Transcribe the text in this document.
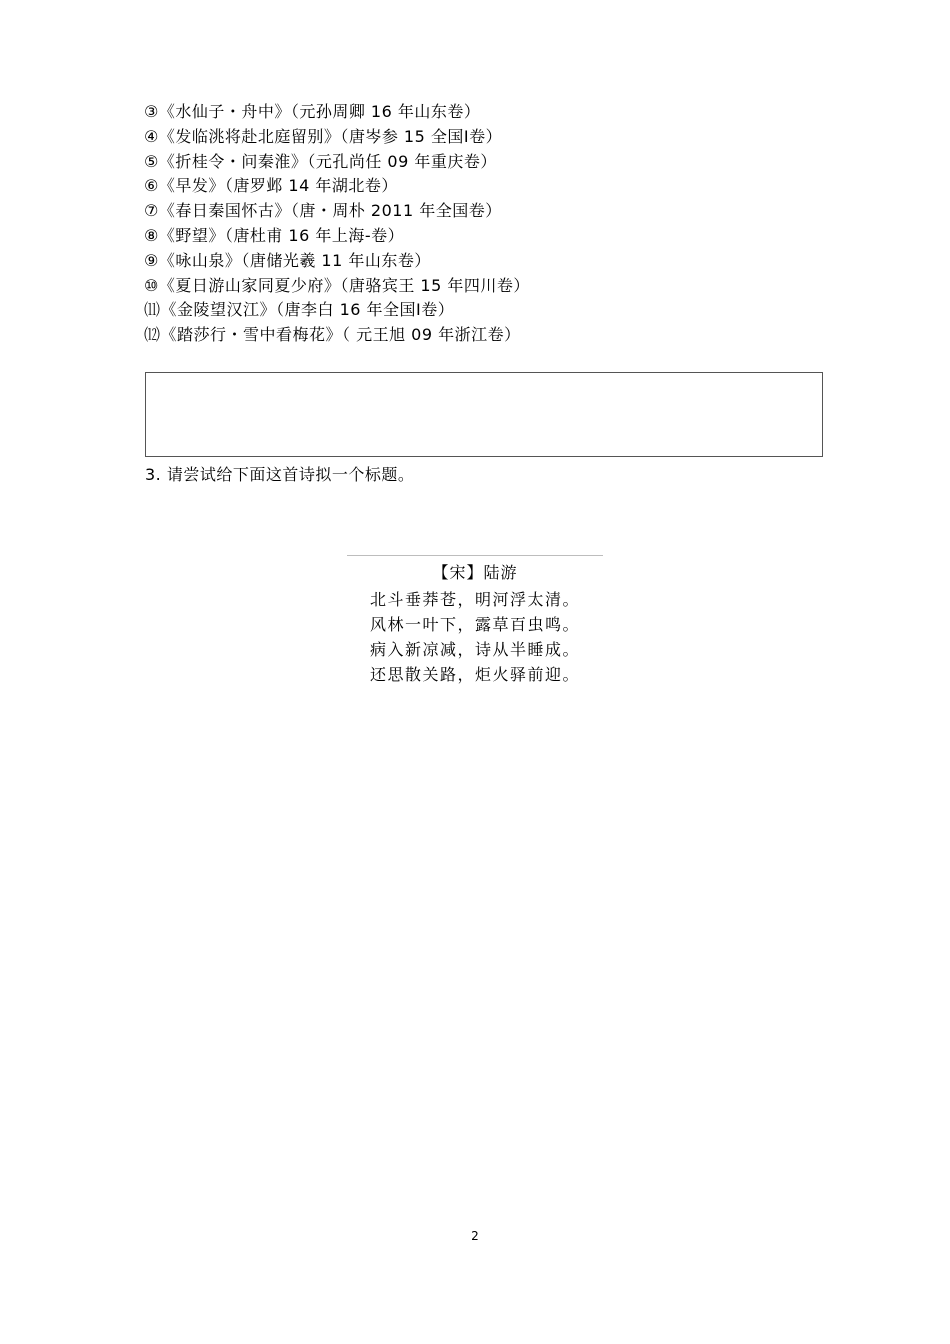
③《水仙子・舟中》（元孙周卿 16 年山东卷）
④《发临洮将赴北庭留别》（唐岑参 15 全国Ⅰ卷）
⑤《折桂令・问秦淮》（元孔尚任 09 年重庆卷）
⑥《早发》（唐罗邺 14 年湖北卷）
⑦《春日秦国怀古》（唐・周朴 2011 年全国卷）
⑧《野望》（唐杜甫 16 年上海-卷）
⑨《咏山泉》（唐储光羲 11 年山东卷）
⑩《夏日游山家同夏少府》（唐骆宾王 15 年四川卷）
⑾《金陵望汉江》（唐李白 16 年全国Ⅰ卷）
⑿《踏莎行・雪中看梅花》（ 元王旭 09 年浙江卷）
3. 请尝试给下面这首诗拟一个标题。
【宋】陆游
北斗垂莽苍，明河浮太清。
风林一叶下，露草百虫鸣。
病入新凉减，诗从半睡成。
还思散关路，炬火驿前迎。
2
